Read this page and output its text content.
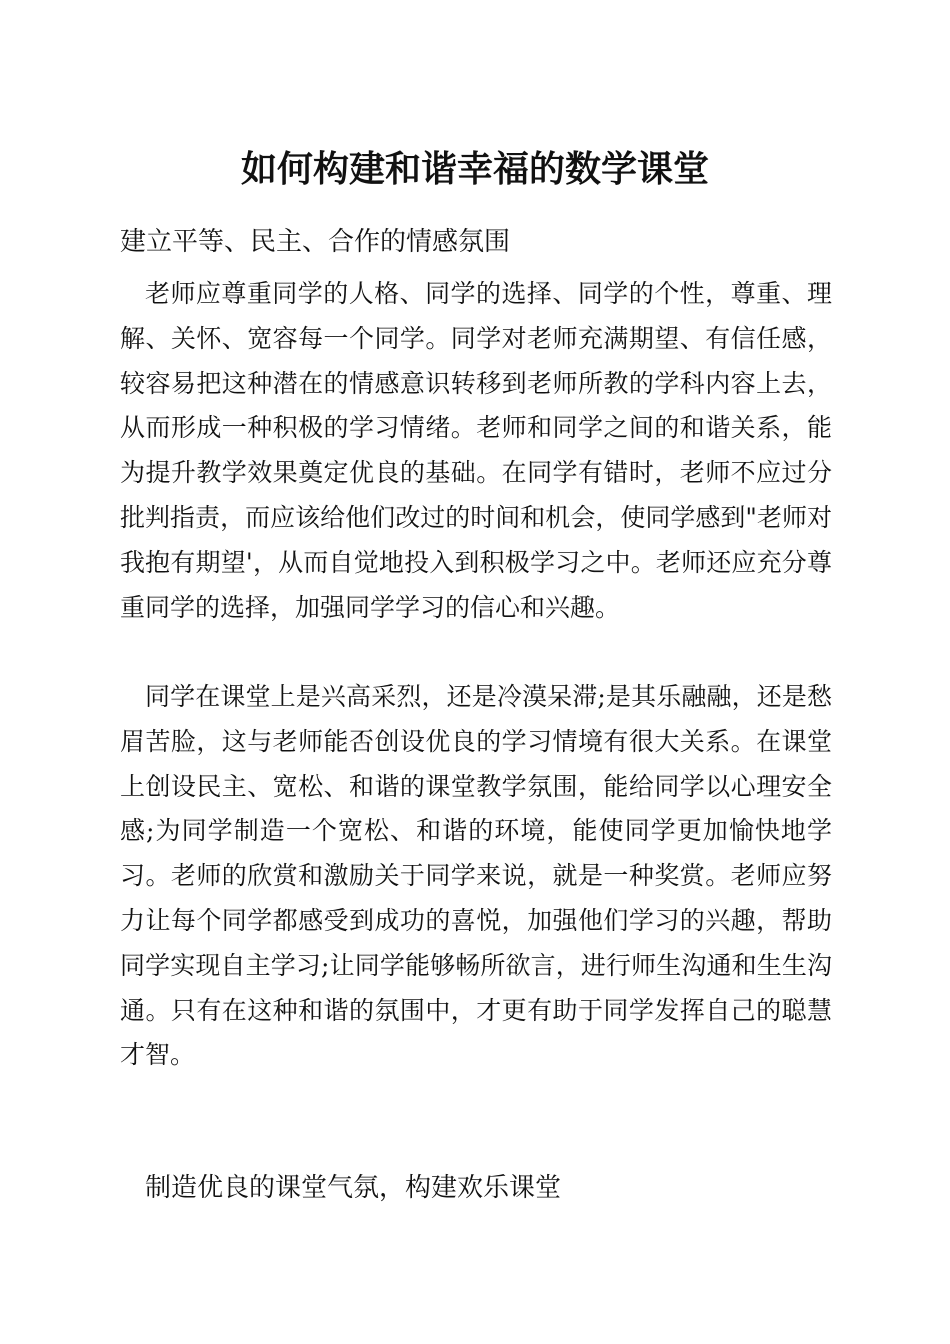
如何构建和谐幸福的数学课堂

建立平等、民主、合作的情感氛围

老师应尊重同学的人格、同学的选择、同学的个性，尊重、理解、关怀、宽容每一个同学。同学对老师充满期望、有信任感，较容易把这种潜在的情感意识转移到老师所教的学科内容上去，从而形成一种积极的学习情绪。老师和同学之间的和谐关系，能为提升教学效果奠定优良的基础。在同学有错时，老师不应过分批判指责，而应该给他们改过的时间和机会，使同学感到"老师对我抱有期望'，从而自觉地投入到积极学习之中。老师还应充分尊重同学的选择，加强同学学习的信心和兴趣。

同学在课堂上是兴高采烈，还是冷漠呆滞;是其乐融融，还是愁眉苦脸，这与老师能否创设优良的学习情境有很大关系。在课堂上创设民主、宽松、和谐的课堂教学氛围，能给同学以心理安全感;为同学制造一个宽松、和谐的环境，能使同学更加愉快地学习。老师的欣赏和激励关于同学来说，就是一种奖赏。老师应努力让每个同学都感受到成功的喜悦，加强他们学习的兴趣，帮助同学实现自主学习;让同学能够畅所欲言，进行师生沟通和生生沟通。只有在这种和谐的氛围中，才更有助于同学发挥自己的聪慧才智。

制造优良的课堂气氛，构建欢乐课堂
